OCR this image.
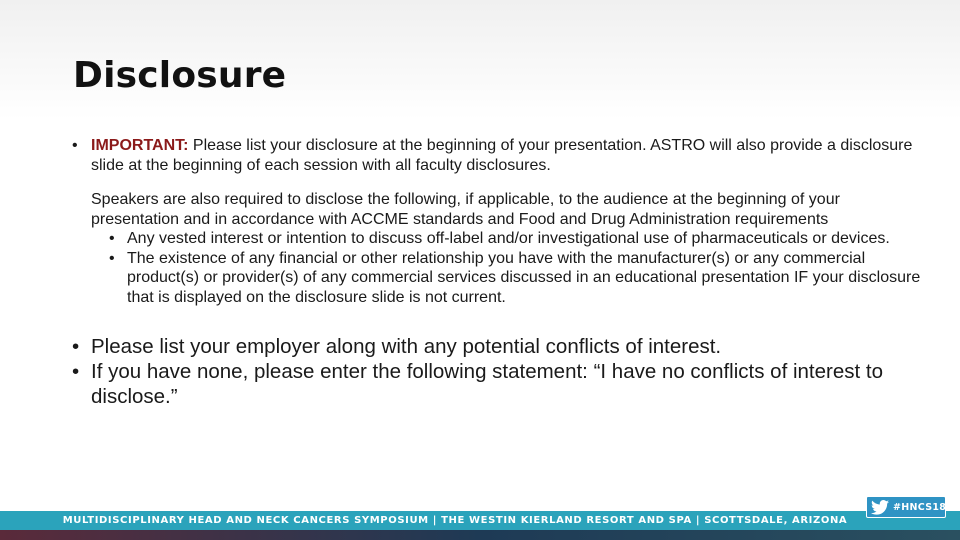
Disclosure
• IMPORTANT: Please list your disclosure at the beginning of your presentation. ASTRO will also provide a disclosure slide at the beginning of each session with all faculty disclosures.
Speakers are also required to disclose the following, if applicable, to the audience at the beginning of your presentation and in accordance with ACCME standards and Food and Drug Administration requirements
• Any vested interest or intention to discuss off-label and/or investigational use of pharmaceuticals or devices.
• The existence of any financial or other relationship you have with the manufacturer(s) or any commercial product(s) or provider(s) of any commercial services discussed in an educational presentation IF your disclosure that is displayed on the disclosure slide is not current.
• Please list your employer along with any potential conflicts of interest.
• If you have none, please enter the following statement: “I have no conflicts of interest to disclose.”
MULTIDISCIPLINARY HEAD AND NECK CANCERS SYMPOSIUM | THE WESTIN KIERLAND RESORT AND SPA | SCOTTSDALE, ARIZONA
#HNCS18
